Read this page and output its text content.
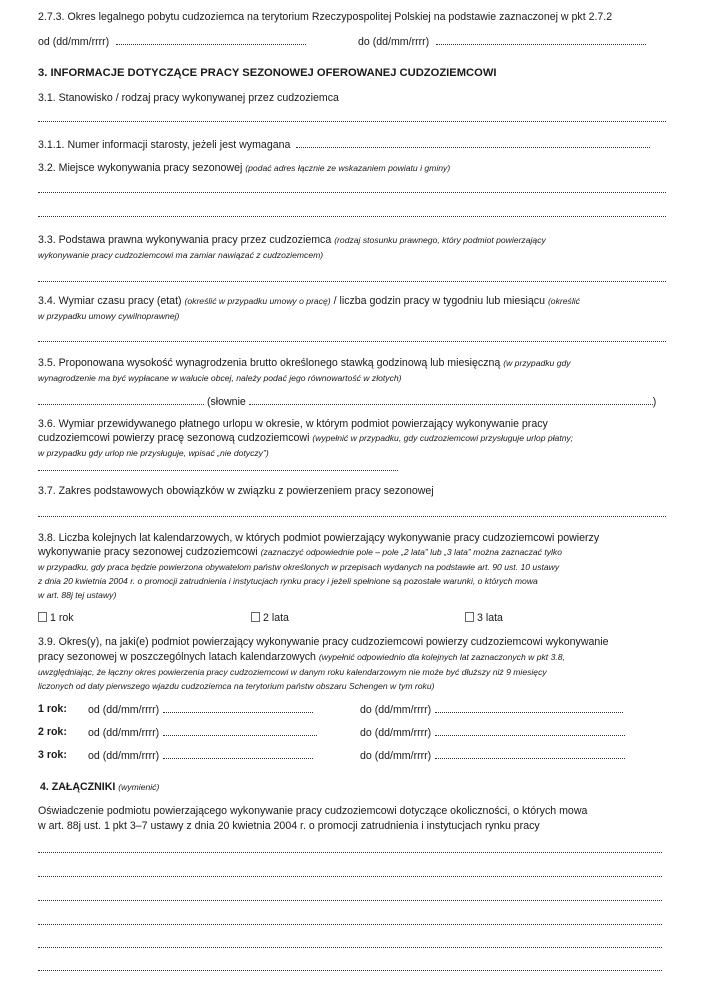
2.7.3. Okres legalnego pobytu cudzoziemca na terytorium Rzeczypospolitej Polskiej na podstawie zaznaczonej w pkt 2.7.2
od (dd/mm/rrrr)	do (dd/mm/rrrr)
3. INFORMACJE DOTYCZĄCE PRACY SEZONOWEJ OFEROWANEJ CUDZOZIEMCOWI
3.1. Stanowisko / rodzaj pracy wykonywanej przez cudzoziemca
3.1.1. Numer informacji starosty, jeżeli jest wymagana
3.2. Miejsce wykonywania pracy sezonowej (podać adres łącznie ze wskazaniem powiatu i gminy)
3.3. Podstawa prawna wykonywania pracy przez cudzoziemca (rodzaj stosunku prawnego, który podmiot powierzający
wykonywanie pracy cudzoziemcowi ma zamiar nawiązać z cudzoziemcem)
3.4. Wymiar czasu pracy (etat) (określić w przypadku umowy o pracę) / liczba godzin pracy w tygodniu lub miesiącu (określić
w przypadku umowy cywilnoprawnej)
3.5. Proponowana wysokość wynagrodzenia brutto określonego stawką godzinową lub miesięczną (w przypadku gdy
wynagrodzenie ma być wypłacane w walucie obcej, należy podać jego równowartość w złotych)
(słownie	)
3.6. Wymiar przewidywanego płatnego urlopu w okresie, w którym podmiot powierzający wykonywanie pracy
cudzoziemcowi powierzy pracę sezonową cudzoziemcowi (wypełnić w przypadku, gdy cudzoziemcowi przysługuje urlop płatny;
w przypadku gdy urlop nie przysługuje, wpisać „nie dotyczy”)
3.7. Zakres podstawowych obowiązków w związku z powierzeniem pracy sezonowej
3.8. Liczba kolejnych lat kalendarzowych, w których podmiot powierzający wykonywanie pracy cudzoziemcowi powierzy
wykonywanie pracy sezonowej cudzoziemcowi (zaznaczyć odpowiednie pole – pole „2 lata” lub „3 lata” można zaznaczać tylko
w przypadku, gdy praca będzie powierzona obywatelom państw określonych w przepisach wydanych na podstawie art. 90 ust. 10 ustawy
z dnia 20 kwietnia 2004 r. o promocji zatrudnienia i instytucjach rynku pracy i jeżeli spełnione są pozostałe warunki, o których mowa
w art. 88j tej ustawy)
1 rok	2 lata	3 lata
3.9. Okres(y), na jaki(e) podmiot powierzający wykonywanie pracy cudzoziemcowi powierzy cudzoziemcowi wykonywanie
pracy sezonowej w poszczególnych latach kalendarzowych (wypełnić odpowiednio dla kolejnych lat zaznaczonych w pkt 3.8,
uwzględniając, że łączny okres powierzenia pracy cudzoziemcowi w danym roku kalendarzowym nie może być dłuższy niż 9 miesięcy
liczonych od daty pierwszego wjazdu cudzoziemca na terytorium państw obszaru Schengen w tym roku)
1 rok: od (dd/mm/rrrr)	do (dd/mm/rrrr)
2 rok: od (dd/mm/rrrr)	do (dd/mm/rrrr)
3 rok: od (dd/mm/rrrr)	do (dd/mm/rrrr)
4. ZAŁĄCZNIKI (wymienić)
Oświadczenie podmiotu powierzającego wykonywanie pracy cudzoziemcowi dotyczące okoliczności, o których mowa
w art. 88j ust. 1 pkt 3–7 ustawy z dnia 20 kwietnia 2004 r. o promocji zatrudnienia i instytucjach rynku pracy
